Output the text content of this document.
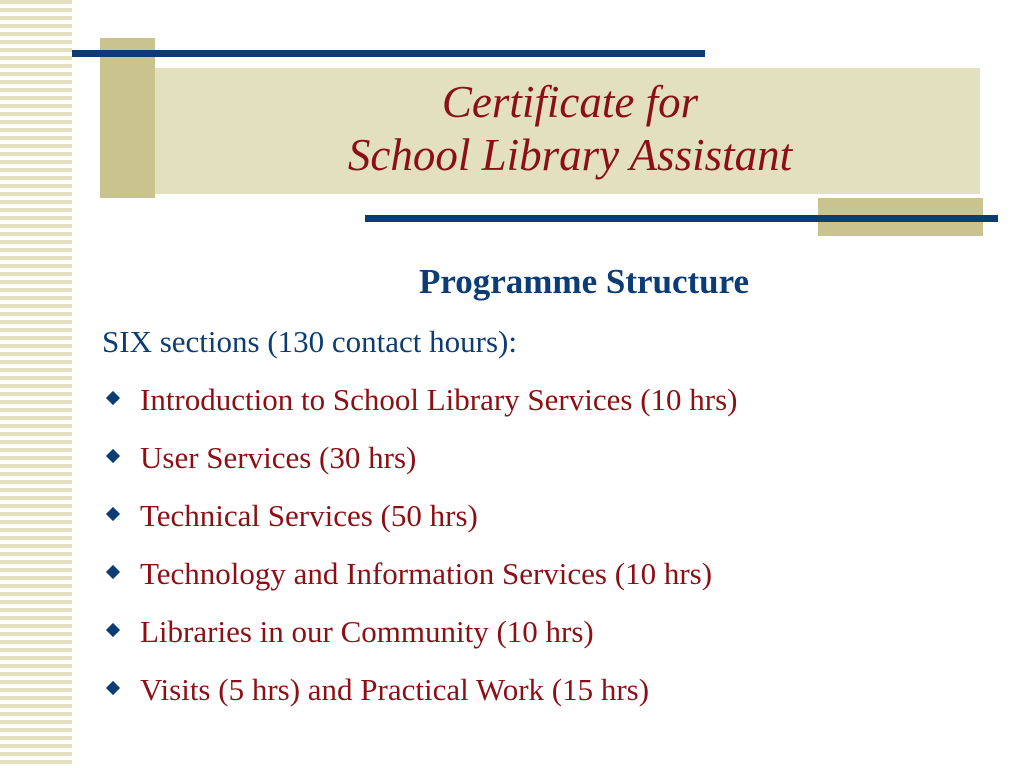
Certificate for
School Library Assistant
Programme Structure
SIX sections (130 contact hours):
Introduction to School Library Services (10 hrs)
User Services (30 hrs)
Technical Services (50 hrs)
Technology and Information Services (10 hrs)
Libraries in our Community (10 hrs)
Visits (5 hrs) and Practical Work (15 hrs)
